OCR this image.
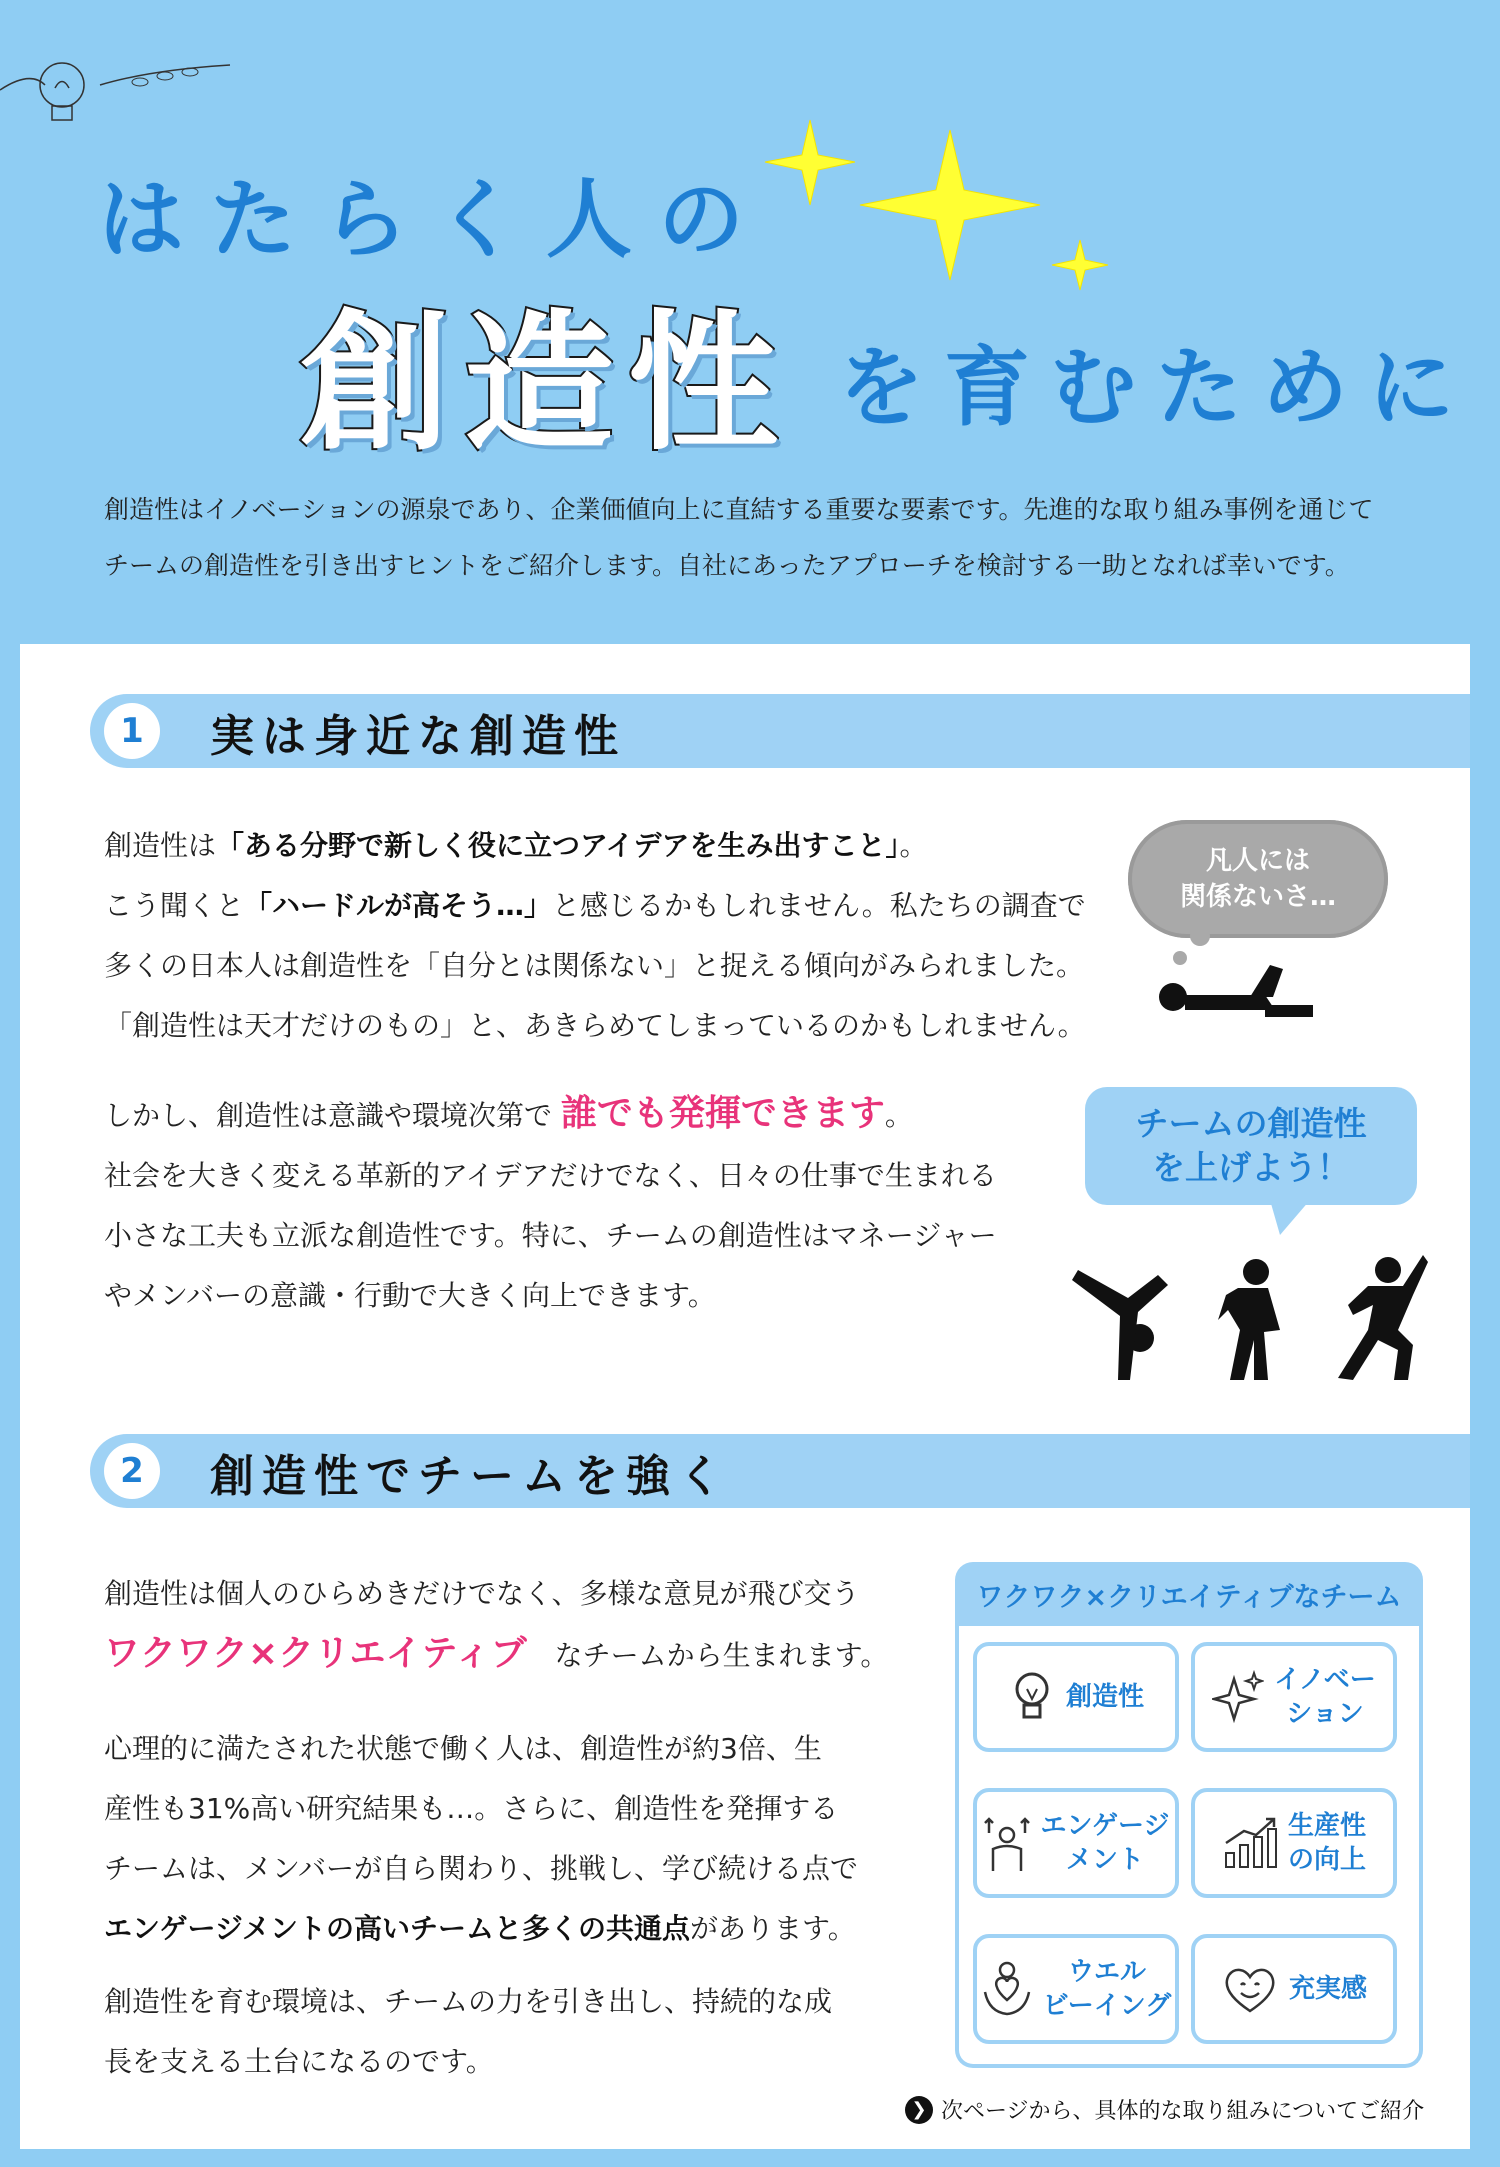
はたらく人の
創造性 を育むために

創造性はイノベーションの源泉であり、企業価値向上に直結する重要な要素です。先進的な取り組み事例を通じて

チームの創造性を引き出すヒントをご紹介します。自社にあったアプローチを検討する一助となれば幸いです。

1	実は身近な創造性

創造性は「ある分野で新しく役に立つアイデアを生み出すこと」。

こう聞くと「ハードルが高そう…」と感じるかもしれません。私たちの調査で

多くの日本人は創造性を「自分とは関係ない」と捉える傾向がみられました。

「創造性は天才だけのもの」と、あきらめてしまっているのかもしれません。

しかし、創造性は意識や環境次第で 誰でも発揮できます。

社会を大きく変える革新的アイデアだけでなく、日々の仕事で生まれる

小さな工夫も立派な創造性です。特に、チームの創造性はマネージャー

やメンバーの意識・行動で大きく向上できます。

2	創造性でチームを強く

創造性は個人のひらめきだけでなく、多様な意見が飛び交う

ワクワク×クリエイティブ　なチームから生まれます。

心理的に満たされた状態で働く人は、創造性が約3倍、生

産性も31%高い研究結果も…。さらに、創造性を発揮する

チームは、メンバーが自ら関わり、挑戦し、学び続ける点で

エンゲージメントの高いチームと多くの共通点があります。

創造性を育む環境は、チームの力を引き出し、持続的な成

長を支える土台になるのです。

凡人には
関係ないさ…
チームの創造性
を上げよう！
ワクワク×クリエイティブなチーム
創造性
イノベー
ション
エンゲージ
メント
生産性
の向上
ウエル
ビーイング
充実感
❯ 次ページから、具体的な取り組みについてご紹介
